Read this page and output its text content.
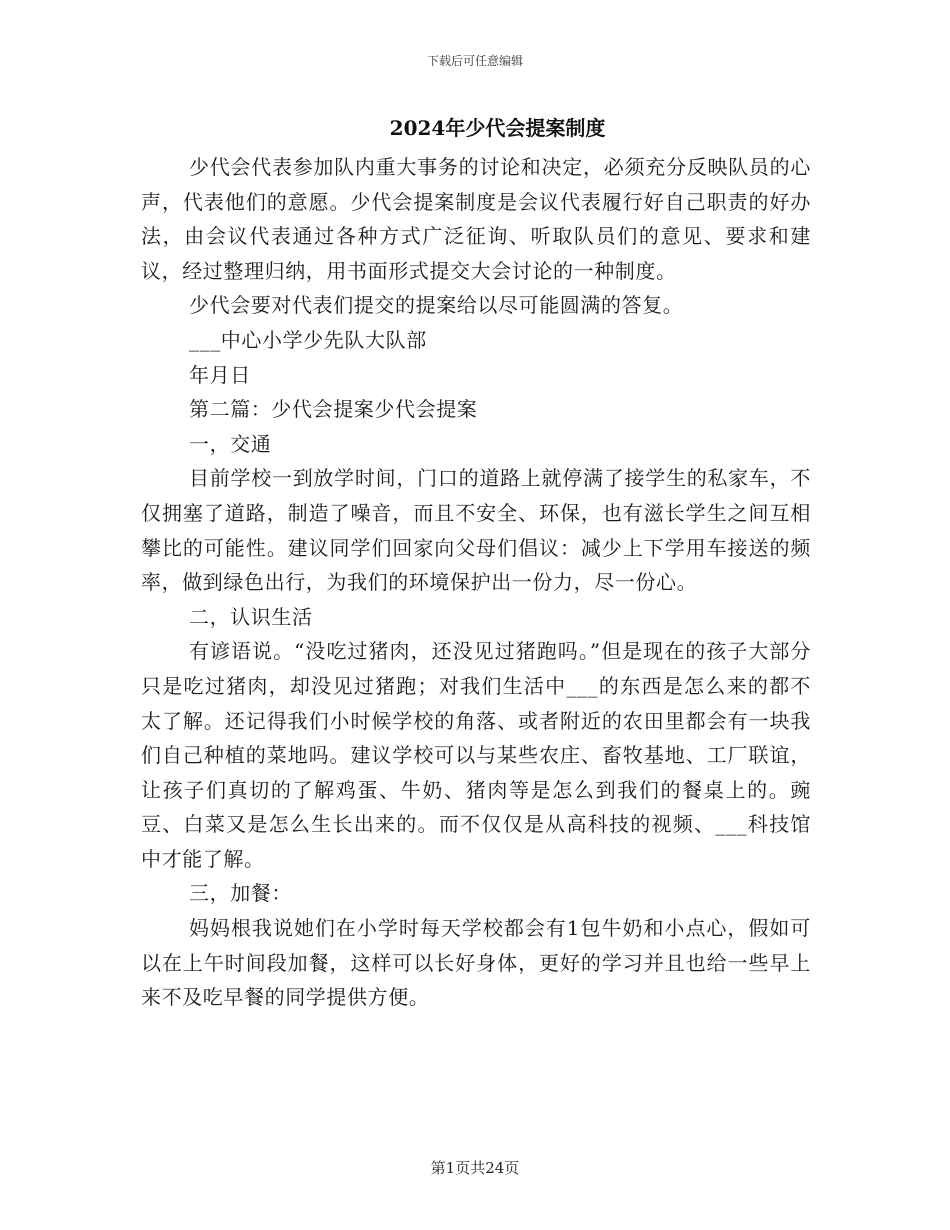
下载后可任意编辑
2024年少代会提案制度

少代会代表参加队内重大事务的讨论和决定，必须充分反映队员的心声，代表他们的意愿。少代会提案制度是会议代表履行好自己职责的好办法，由会议代表通过各种方式广泛征询、听取队员们的意见、要求和建议，经过整理归纳，用书面形式提交大会讨论的一种制度。

少代会要对代表们提交的提案给以尽可能圆满的答复。

___中心小学少先队大队部

年月日

第二篇：少代会提案少代会提案

一，交通

目前学校一到放学时间，门口的道路上就停满了接学生的私家车，不仅拥塞了道路，制造了噪音，而且不安全、环保，也有滋长学生之间互相攀比的可能性。建议同学们回家向父母们倡议：减少上下学用车接送的频率，做到绿色出行，为我们的环境保护出一份力，尽一份心。

二，认识生活

有谚语说。“没吃过猪肉，还没见过猪跑吗。”但是现在的孩子大部分只是吃过猪肉，却没见过猪跑；对我们生活中___的东西是怎么来的都不太了解。还记得我们小时候学校的角落、或者附近的农田里都会有一块我们自己种植的菜地吗。建议学校可以与某些农庄、畜牧基地、工厂联谊，让孩子们真切的了解鸡蛋、牛奶、猪肉等是怎么到我们的餐桌上的。豌豆、白菜又是怎么生长出来的。而不仅仅是从高科技的视频、___科技馆中才能了解。

三，加餐：

妈妈根我说她们在小学时每天学校都会有1包牛奶和小点心，假如可以在上午时间段加餐，这样可以长好身体，更好的学习并且也给一些早上来不及吃早餐的同学提供方便。

第1页共24页
